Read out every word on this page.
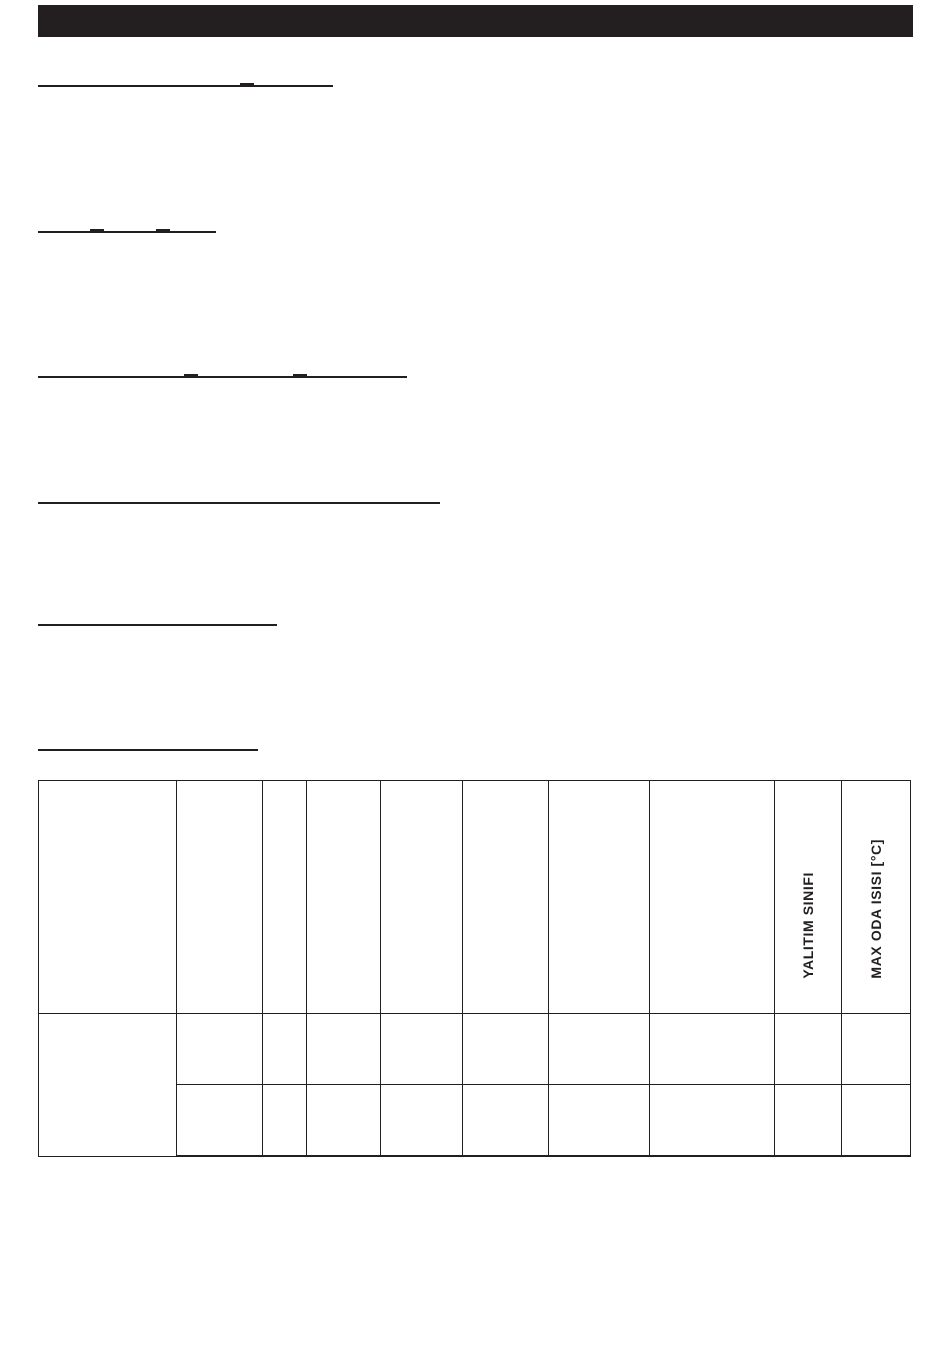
								YALITIM SINIFI	MAX ODA ISISI [°C]
